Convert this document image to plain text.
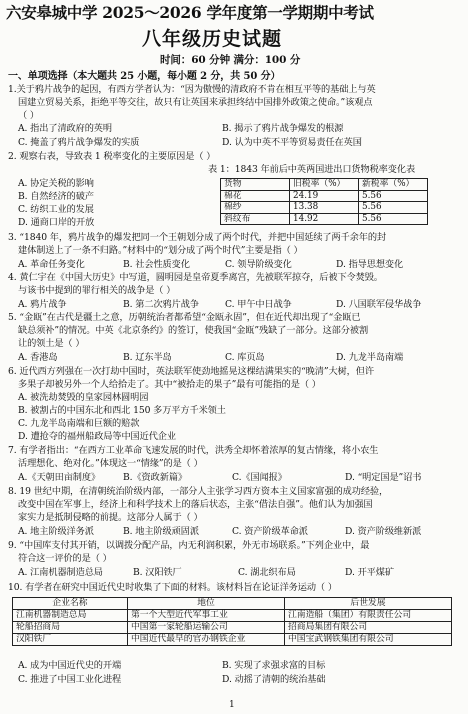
六安皋城中学 2025～2026 学年度第一学期期中考试
八年级历史试题
时间：60 分钟 满分：100 分
一、单项选择（本大题共 25 小题，每小题 2 分，共 50 分）
1.关于鸦片战争的起因，有西方学者认为：“因为傲慢的清政府不肯在相互平等的基础上与英
国建立贸易关系，拒绝平等交往，故只有让英国来承担终结中国排外政策之使命。”该观点
（ ）
A. 指出了清政府的英明	B. 揭示了鸦片战争爆发的根源
C. 掩盖了鸦片战争爆发的实质	D. 认为中英不平等贸易责任在英国
2. 观察右表，导致表 1 税率变化的主要原因是（ ）
表 1：1843 年前后中英两国进出口货物税率变化表
A. 协定关税的影响
B. 自然经济的破产
C. 纺织工业的发展
D. 通商口岸的开放
货物	旧税率（%）	新税率（%）
棉花	24.19	5.56
棉纱	13.38	5.56
斜纹布	14.92	5.56
3. “1840 年，鸦片战争的爆发把同一个王朝划分成了两个时代，并把中国延续了两千余年的封
建体制送上了一条不归路。”材料中的“划分成了两个时代”主要是指（ ）
A. 革命任务变化	B. 社会性质变化	C. 领导阶级变化	D. 指导思想变化
4. 黄仁宇在《中国大历史》中写道，圆明园是皇帝夏季离宫，先被联军掠夺，后被下令焚毁。
与该书中提到的罪行相关的战争是（ ）
A. 鸦片战争	B. 第二次鸦片战争	C. 甲午中日战争	D. 八国联军侵华战争
5. “金瓯”在古代是疆土之意，历朝统治者都希望“金瓯永固”，但在近代却出现了“金瓯已
缺总须补”的情况。中英《北京条约》的签订，使我国“金瓯”残缺了一部分。这部分被割
让的领土是（ ）
A. 香港岛	B. 辽东半岛	C. 库页岛	D. 九龙半岛南端
6. 近代西方列强在一次打劫中国时，英法联军使劲地摇晃这棵结满果实的“晚清”大树，但许
多果子却被另外一个人给拾走了。其中“被拾走的果子”最有可能指的是（ ）
A. 被洗劫焚毁的皇家园林圆明园
B. 被割占的中国东北和西北 150 多万平方千米领土
C. 九龙半岛南端和巨额的赔款
D. 遭抢夺的福州船政局等中国近代企业
7. 有学者指出：“在西方工业革命飞速发展的时代，洪秀全却怀着浓厚的复古情缘，将小农生
活理想化、绝对化。”体现这一“情缘”的是（ ）
A.《天朝田亩制度》 B.《资政新篇》	C.《国闻报》	D. “明定国是”诏书
8. 19 世纪中期，在清朝统治阶级内部，一部分人主张学习西方资本主义国家富强的成功经验，
改变中国在军事上，经济上和科学技术上的落后状态，主张“借法自强”。他们认为加强国
家实力是抵制侵略的前提。这部分人属于（ ）
A. 地主阶级洋务派	B. 地主阶级顽固派	C. 资产阶级革命派	D. 资产阶级维新派
9. “中国库支付其开销，以调拨分配产品，内无利润积累，外无市场联系。”下列企业中，最
符合这一评价的是（ ）
A. 江南机器制造总局	B. 汉阳铁厂	C. 湖北织布局	D. 开平煤矿
10. 有学者在研究中国近代史时收集了下面的材料。该材料旨在论证洋务运动（ ）
企业名称	地位	后世发展
江南机器制造总局	第一个大型近代军事工业	江南造船（集团）有限责任公司
轮船招商局	中国第一家轮船运输公司	招商局集团有限公司
汉阳铁厂	中国近代最早的官办钢铁企业	中国宝武钢铁集团有限公司
A. 成为中国近代史的开端	B. 实现了求强求富的目标
C. 推进了中国工业化进程	D. 动摇了清朝的统治基础
1
